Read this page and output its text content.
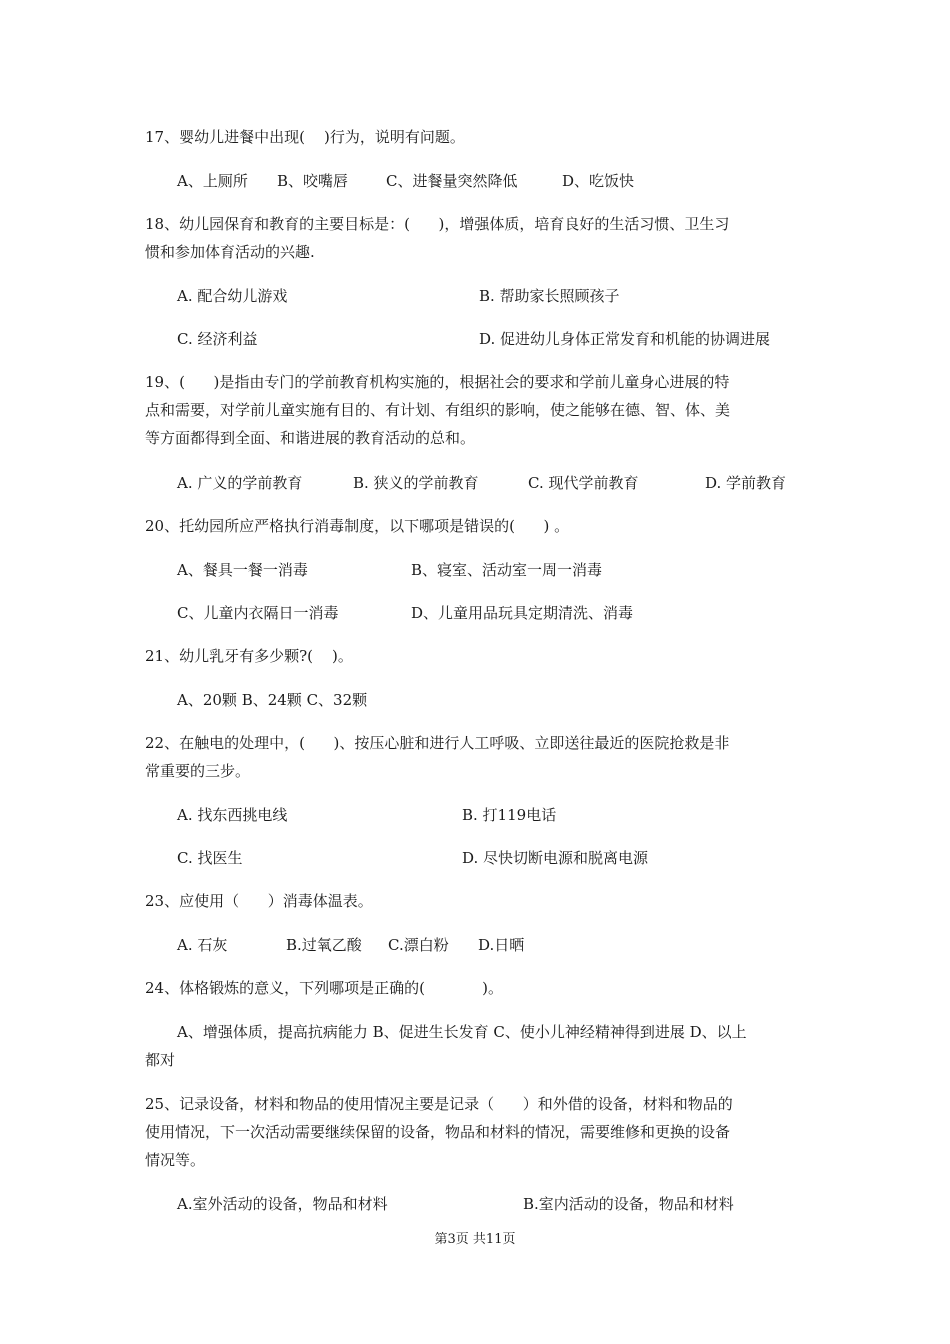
17、婴幼儿进餐中出现(    )行为，说明有问题。
A、上厕所 B、咬嘴唇	C、进餐量突然降低	D、吃饭快
18、幼儿园保育和教育的主要目标是：(      )，增强体质，培育良好的生活习惯、卫生习
惯和参加体育活动的兴趣.
A. 配合幼儿游戏	B. 帮助家长照顾孩子
C. 经济利益	D. 促进幼儿身体正常发育和机能的协调进展
19、(      )是指由专门的学前教育机构实施的，根据社会的要求和学前儿童身心进展的特
点和需要，对学前儿童实施有目的、有计划、有组织的影响，使之能够在德、智、体、美
等方面都得到全面、和谐进展的教育活动的总和。
A. 广义的学前教育	B. 狭义的学前教育	C. 现代学前教育	D. 学前教育
20、托幼园所应严格执行消毒制度，以下哪项是错误的(      ) 。
A、餐具一餐一消毒	B、寝室、活动室一周一消毒
C、儿童内衣隔日一消毒	D、儿童用品玩具定期清洗、消毒
21、幼儿乳牙有多少颗?(    )。
A、20颗 B、24颗 C、32颗
22、在触电的处理中，(      )、按压心脏和进行人工呼吸、立即送往最近的医院抢救是非
常重要的三步。
A. 找东西挑电线	B. 打119电话
C. 找医生	D. 尽快切断电源和脱离电源
23、应使用（      ）消毒体温表。
A. 石灰	B.过氧乙酸 C.漂白粉 D.日晒
24、体格锻炼的意义，下列哪项是正确的(            )。
A、增强体质，提高抗病能力 B、促进生长发育 C、使小儿神经精神得到进展 D、以上
都对
25、记录设备，材料和物品的使用情况主要是记录（      ）和外借的设备，材料和物品的
使用情况，下一次活动需要继续保留的设备，物品和材料的情况，需要维修和更换的设备
情况等。
A.室外活动的设备，物品和材料	B.室内活动的设备，物品和材料
第3页 共11页
